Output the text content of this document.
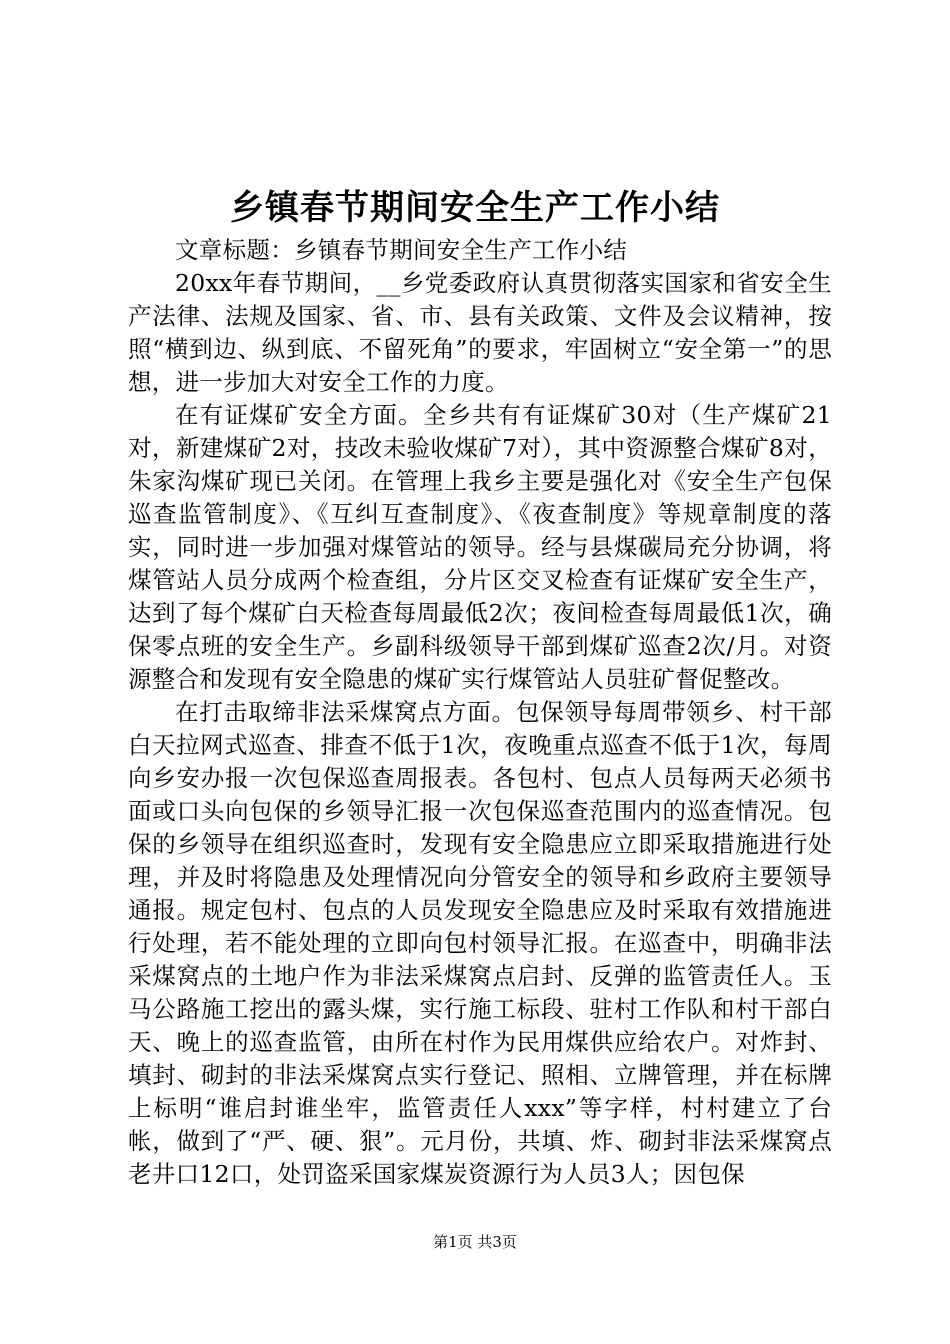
乡镇春节期间安全生产工作小结

文章标题：乡镇春节期间安全生产工作小结

20xx年春节期间，__乡党委政府认真贯彻落实国家和省安全生产法律、法规及国家、省、市、县有关政策、文件及会议精神，按照“横到边、纵到底、不留死角”的要求，牢固树立“安全第一”的思想，进一步加大对安全工作的力度。

在有证煤矿安全方面。全乡共有有证煤矿30对（生产煤矿21对，新建煤矿2对，技改未验收煤矿7对），其中资源整合煤矿8对，朱家沟煤矿现已关闭。在管理上我乡主要是强化对《安全生产包保巡查监管制度》、《互纠互查制度》、《夜查制度》等规章制度的落实，同时进一步加强对煤管站的领导。经与县煤碳局充分协调，将煤管站人员分成两个检查组，分片区交叉检查有证煤矿安全生产，达到了每个煤矿白天检查每周最低2次；夜间检查每周最低1次，确保零点班的安全生产。乡副科级领导干部到煤矿巡查2次/月。对资源整合和发现有安全隐患的煤矿实行煤管站人员驻矿督促整改。

在打击取缔非法采煤窝点方面。包保领导每周带领乡、村干部白天拉网式巡查、排查不低于1次，夜晚重点巡查不低于1次，每周向乡安办报一次包保巡查周报表。各包村、包点人员每两天必须书面或口头向包保的乡领导汇报一次包保巡查范围内的巡查情况。包保的乡领导在组织巡查时，发现有安全隐患应立即采取措施进行处理，并及时将隐患及处理情况向分管安全的领导和乡政府主要领导通报。规定包村、包点的人员发现安全隐患应及时采取有效措施进行处理，若不能处理的立即向包村领导汇报。在巡查中，明确非法采煤窝点的土地户作为非法采煤窝点启封、反弹的监管责任人。玉马公路施工挖出的露头煤，实行施工标段、驻村工作队和村干部白天、晚上的巡查监管，由所在村作为民用煤供应给农户。对炸封、填封、砌封的非法采煤窝点实行登记、照相、立牌管理，并在标牌上标明“谁启封谁坐牢，监管责任人xxx”等字样，村村建立了台帐，做到了“严、硬、狠”。元月份，共填、炸、砌封非法采煤窝点老井口12口，处罚盗采国家煤炭资源行为人员3人；因包保

第1页 共3页
